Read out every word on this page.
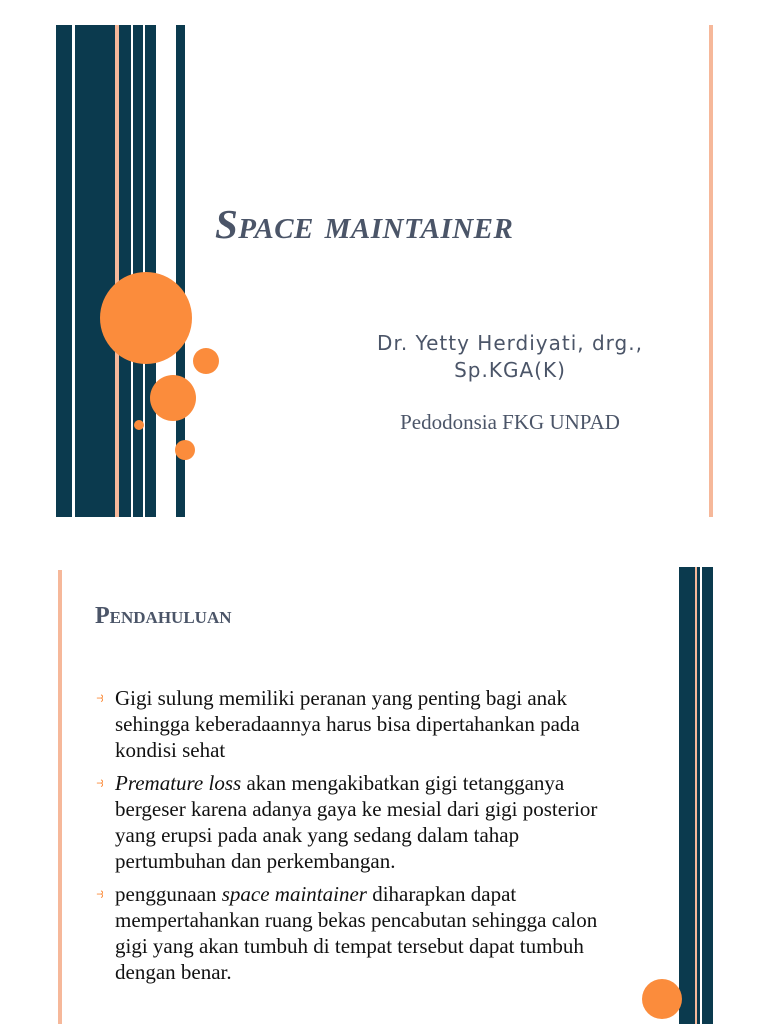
Space maintainer
Dr. Yetty Herdiyati, drg.,
Sp.KGA(K)
Pedodonsia FKG UNPAD
Pendahuluan
⥽ Gigi sulung memiliki peranan yang penting bagi anak sehingga keberadaannya harus bisa dipertahankan pada kondisi sehat
⥽ Premature loss akan mengakibatkan gigi tetangganya bergeser karena adanya gaya ke mesial dari gigi posterior yang erupsi pada anak yang sedang dalam tahap pertumbuhan dan perkembangan.
⥽ penggunaan space maintainer diharapkan dapat mempertahankan ruang bekas pencabutan sehingga calon gigi yang akan tumbuh di tempat tersebut dapat tumbuh dengan benar.
